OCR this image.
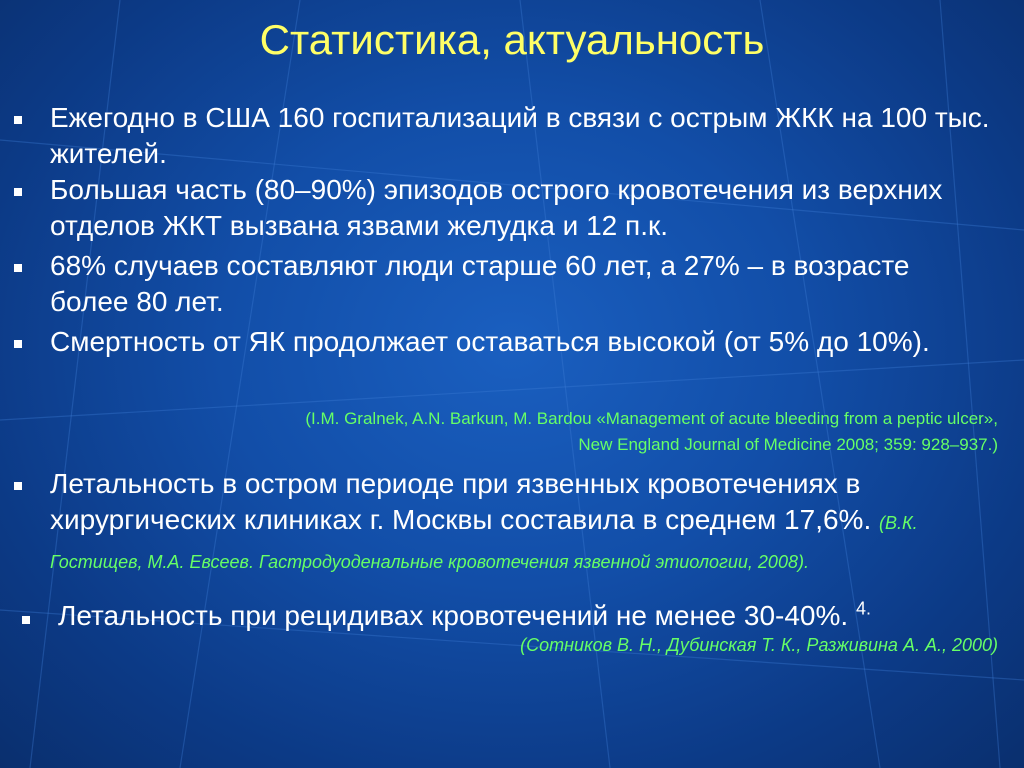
Статистика, актуальность
Ежегодно в США 160 госпитализаций в связи с острым ЖКК на 100 тыс. жителей.
Большая часть (80–90%) эпизодов острого кровотечения из верхних отделов ЖКТ вызвана язвами желудка и 12 п.к.
68% случаев составляют люди старше 60 лет, а 27% – в возрасте более 80 лет.
Смертность от ЯК продолжает оставаться высокой (от 5% до 10%).
(I.M. Gralnek, A.N. Barkun, M. Bardou «Management of acute bleeding from a peptic ulcer»,
New England Journal of Medicine 2008; 359: 928–937.)
Летальность в остром периоде при язвенных кровотечениях в хирургических клиниках г. Москвы составила в среднем 17,6%. (В.К. Гостищев, М.А. Евсеев. Гастродуоденальные кровотечения язвенной этиологии, 2008).
Летальность при рецидивах кровотечений не менее 30-40%. $^{4.}$
(Сотников В. Н., Дубинская Т. К., Разживина А. А., 2000)
